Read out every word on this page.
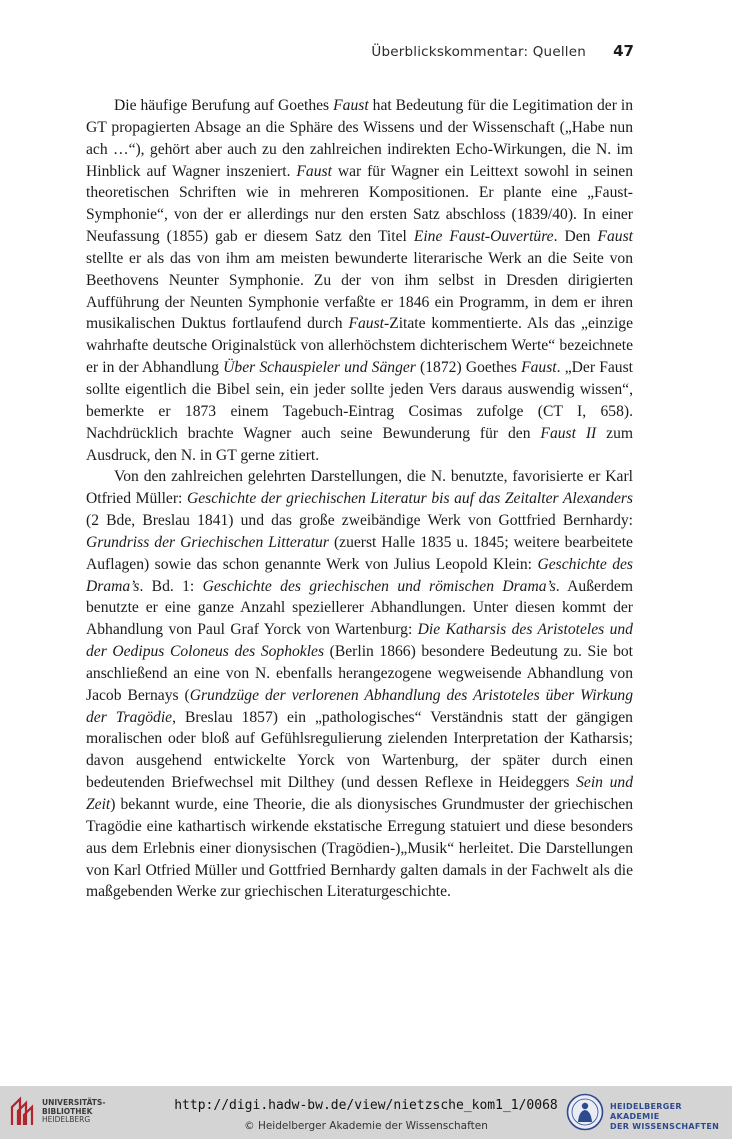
Überblickskommentar: Quellen	47

Die häufige Berufung auf Goethes Faust hat Bedeutung für die Legitimation der in GT propagierten Absage an die Sphäre des Wissens und der Wissenschaft („Habe nun ach …“), gehört aber auch zu den zahlreichen indirekten Echo-Wirkungen, die N. im Hinblick auf Wagner inszeniert. Faust war für Wagner ein Leittext sowohl in seinen theoretischen Schriften wie in mehreren Kompositionen. Er plante eine „Faust-Symphonie“, von der er allerdings nur den ersten Satz abschloss (1839/40). In einer Neufassung (1855) gab er diesem Satz den Titel Eine Faust-Ouvertüre. Den Faust stellte er als das von ihm am meisten bewunderte literarische Werk an die Seite von Beethovens Neunter Symphonie. Zu der von ihm selbst in Dresden dirigierten Aufführung der Neunten Symphonie verfaßte er 1846 ein Programm, in dem er ihren musikalischen Duktus fortlaufend durch Faust-Zitate kommentierte. Als das „einzige wahrhafte deutsche Originalstück von allerhöchstem dichterischem Werte“ bezeichnete er in der Abhandlung Über Schauspieler und Sänger (1872) Goethes Faust. „Der Faust sollte eigentlich die Bibel sein, ein jeder sollte jeden Vers daraus auswendig wissen“, bemerkte er 1873 einem Tagebuch-Eintrag Cosimas zufolge (CT I, 658). Nachdrücklich brachte Wagner auch seine Bewunderung für den Faust II zum Ausdruck, den N. in GT gerne zitiert.

Von den zahlreichen gelehrten Darstellungen, die N. benutzte, favorisierte er Karl Otfried Müller: Geschichte der griechischen Literatur bis auf das Zeitalter Alexanders (2 Bde, Breslau 1841) und das große zweibändige Werk von Gottfried Bernhardy: Grundriss der Griechischen Litteratur (zuerst Halle 1835 u. 1845; weitere bearbeitete Auflagen) sowie das schon genannte Werk von Julius Leopold Klein: Geschichte des Drama’s. Bd. 1: Geschichte des griechischen und römischen Drama’s. Außerdem benutzte er eine ganze Anzahl speziellerer Abhandlungen. Unter diesen kommt der Abhandlung von Paul Graf Yorck von Wartenburg: Die Katharsis des Aristoteles und der Oedipus Coloneus des Sophokles (Berlin 1866) besondere Bedeutung zu. Sie bot anschließend an eine von N. ebenfalls herangezogene wegweisende Abhandlung von Jacob Bernays (Grundzüge der verlorenen Abhandlung des Aristoteles über Wirkung der Tragödie, Breslau 1857) ein „pathologisches“ Verständnis statt der gängigen moralischen oder bloß auf Gefühlsregulierung zielenden Interpretation der Katharsis; davon ausgehend entwickelte Yorck von Wartenburg, der später durch einen bedeutenden Briefwechsel mit Dilthey (und dessen Reflexe in Heideggers Sein und Zeit) bekannt wurde, eine Theorie, die als dionysisches Grundmuster der griechischen Tragödie eine kathartisch wirkende ekstatische Erregung statuiert und diese besonders aus dem Erlebnis einer dionysischen (Tragödien-)„Musik“ herleitet. Die Darstellungen von Karl Otfried Müller und Gottfried Bernhardy galten damals in der Fachwelt als die maßgebenden Werke zur griechischen Literaturgeschichte.

UNIVERSITÄTS-
BIBLIOTHEK
HEIDELBERG
http://digi.hadw-bw.de/view/nietzsche_kom1_1/0068
© Heidelberger Akademie der Wissenschaften
HEIDELBERGER AKADEMIE
DER WISSENSCHAFTEN
